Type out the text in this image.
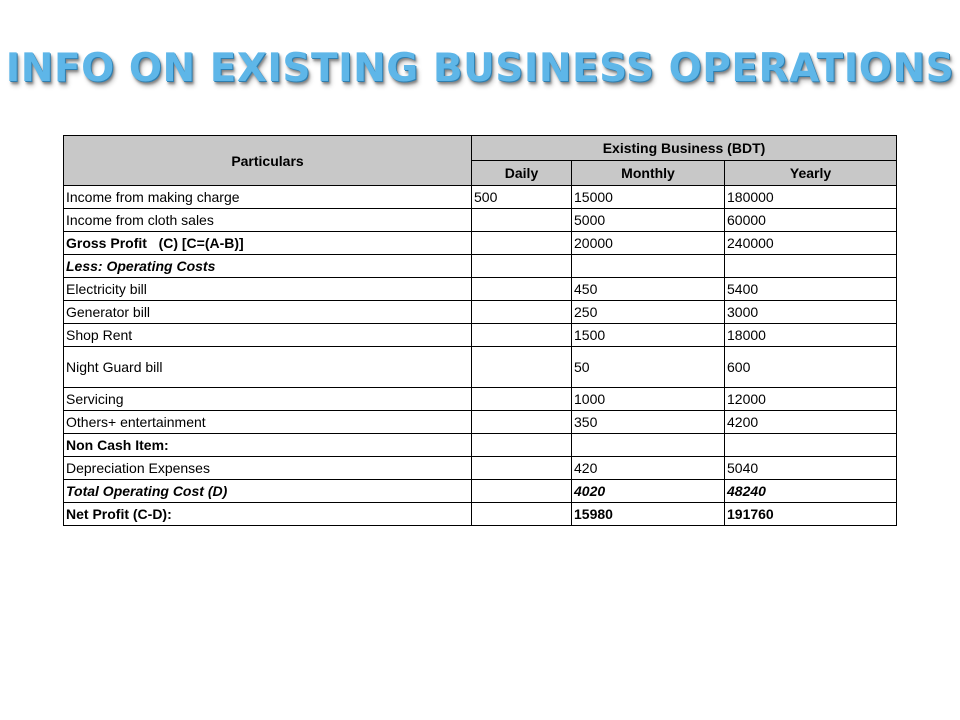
INFO ON EXISTING BUSINESS OPERATIONS
Particulars	Existing Business (BDT)		
	Daily	Monthly	Yearly
Income from making charge	500	15000	180000
Income from cloth sales		5000	60000
Gross Profit   (C) [C=(A-B)]		20000	240000
Less: Operating Costs			
Electricity bill		450	5400
Generator bill		250	3000
Shop Rent		1500	18000
Night Guard bill		50	600
Servicing		1000	12000
Others+ entertainment		350	4200
Non Cash Item:			
Depreciation Expenses		420	5040
Total Operating Cost (D)		4020	48240
Net Profit (C-D):		15980	191760
